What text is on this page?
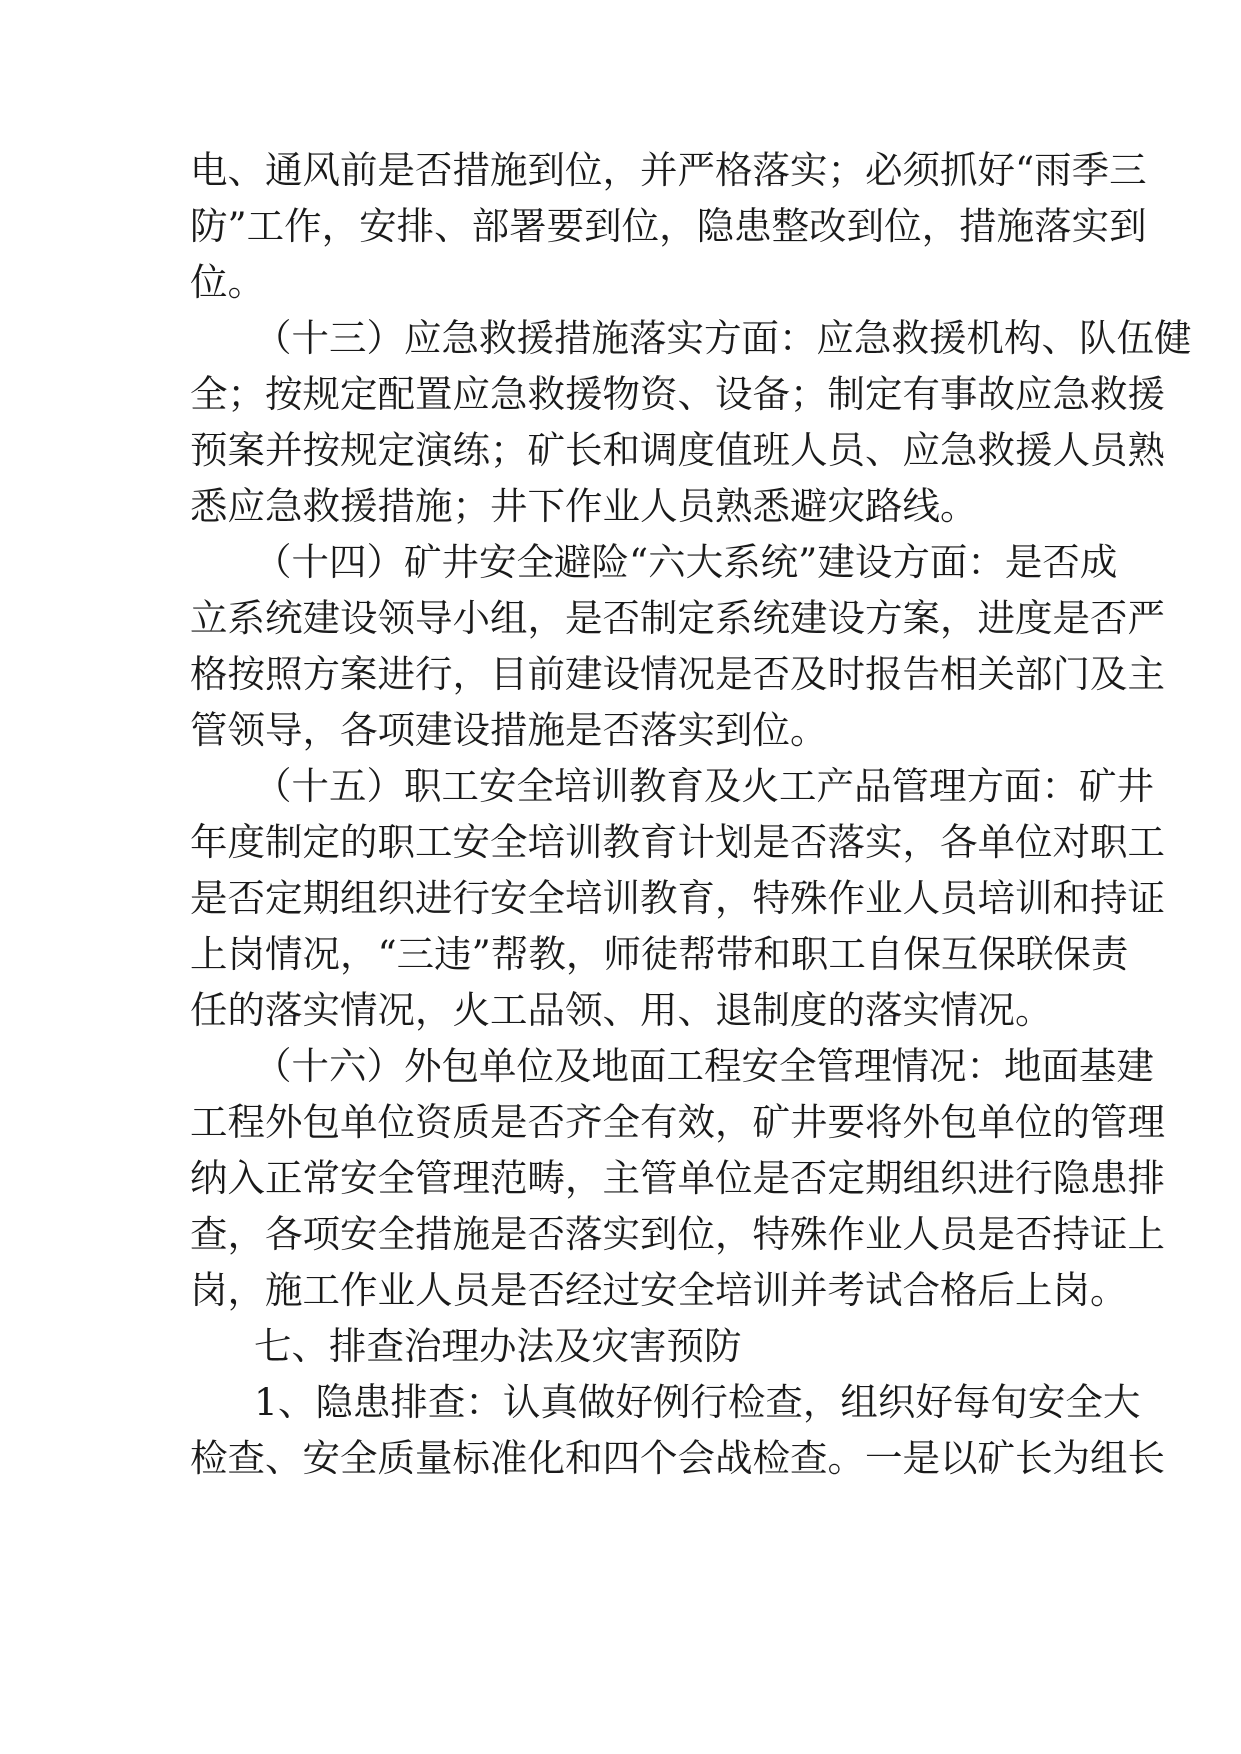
电、通风前是否措施到位，并严格落实；必须抓好“雨季三
防”工作，安排、部署要到位，隐患整改到位，措施落实到
位。
（十三）应急救援措施落实方面：应急救援机构、队伍健
全；按规定配置应急救援物资、设备；制定有事故应急救援
预案并按规定演练；矿长和调度值班人员、应急救援人员熟
悉应急救援措施；井下作业人员熟悉避灾路线。
（十四）矿井安全避险“六大系统”建设方面：是否成
立系统建设领导小组，是否制定系统建设方案，进度是否严
格按照方案进行，目前建设情况是否及时报告相关部门及主
管领导，各项建设措施是否落实到位。
（十五）职工安全培训教育及火工产品管理方面：矿井
年度制定的职工安全培训教育计划是否落实，各单位对职工
是否定期组织进行安全培训教育，特殊作业人员培训和持证
上岗情况，“三违”帮教，师徒帮带和职工自保互保联保责
任的落实情况，火工品领、用、退制度的落实情况。
（十六）外包单位及地面工程安全管理情况：地面基建
工程外包单位资质是否齐全有效，矿井要将外包单位的管理
纳入正常安全管理范畴，主管单位是否定期组织进行隐患排
查，各项安全措施是否落实到位，特殊作业人员是否持证上
岗，施工作业人员是否经过安全培训并考试合格后上岗。
七、排查治理办法及灾害预防
1、隐患排查：认真做好例行检查，组织好每旬安全大
检查、安全质量标准化和四个会战检查。一是以矿长为组长
